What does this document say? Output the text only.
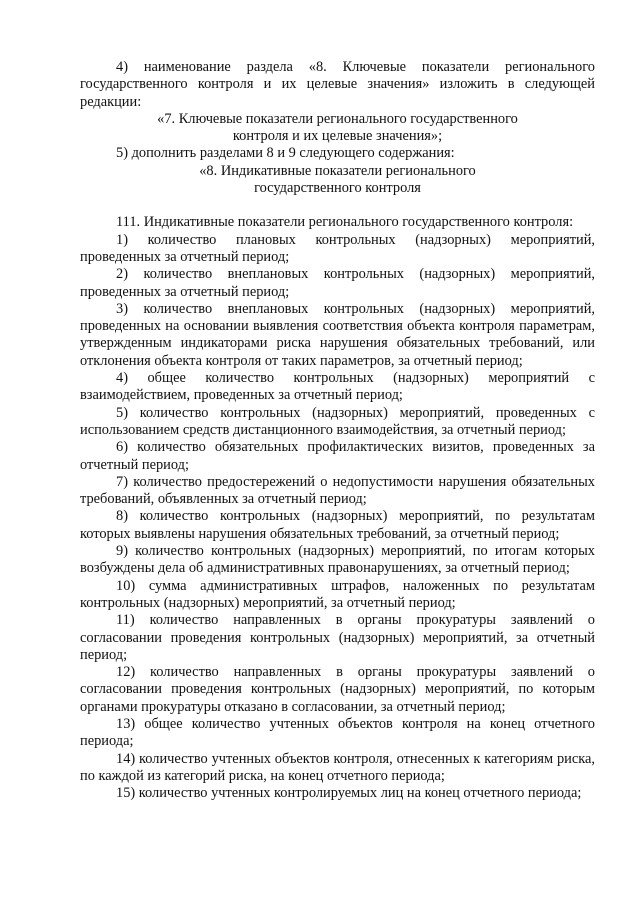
4) наименование раздела «8. Ключевые показатели регионального государственного контроля и их целевые значения» изложить в следующей редакции:

«7. Ключевые показатели регионального государственного

контроля и их целевые значения»;

5) дополнить разделами 8 и 9 следующего содержания:

«8. Индикативные показатели регионального

государственного контроля

111. Индикативные показатели регионального государственного контроля:

1) количество плановых контрольных (надзорных) мероприятий, проведенных за отчетный период;

2) количество внеплановых контрольных (надзорных) мероприятий, проведенных за отчетный период;

3) количество внеплановых контрольных (надзорных) мероприятий, проведенных на основании выявления соответствия объекта контроля параметрам, утвержденным индикаторами риска нарушения обязательных требований, или отклонения объекта контроля от таких параметров, за отчетный период;

4) общее количество контрольных (надзорных) мероприятий с взаимодействием, проведенных за отчетный период;

5) количество контрольных (надзорных) мероприятий, проведенных с использованием средств дистанционного взаимодействия, за отчетный период;

6) количество обязательных профилактических визитов, проведенных за отчетный период;

7) количество предостережений о недопустимости нарушения обязательных требований, объявленных за отчетный период;

8) количество контрольных (надзорных) мероприятий, по результатам которых выявлены нарушения обязательных требований, за отчетный период;

9) количество контрольных (надзорных) мероприятий, по итогам которых возбуждены дела об административных правонарушениях, за отчетный период;

10) сумма административных штрафов, наложенных по результатам контрольных (надзорных) мероприятий, за отчетный период;

11) количество направленных в органы прокуратуры заявлений о согласовании проведения контрольных (надзорных) мероприятий, за отчетный период;

12) количество направленных в органы прокуратуры заявлений о согласовании проведения контрольных (надзорных) мероприятий, по которым органами прокуратуры отказано в согласовании, за отчетный период;

13) общее количество учтенных объектов контроля на конец отчетного периода;

14) количество учтенных объектов контроля, отнесенных к категориям риска, по каждой из категорий риска, на конец отчетного периода;

15) количество учтенных контролируемых лиц на конец отчетного периода;
